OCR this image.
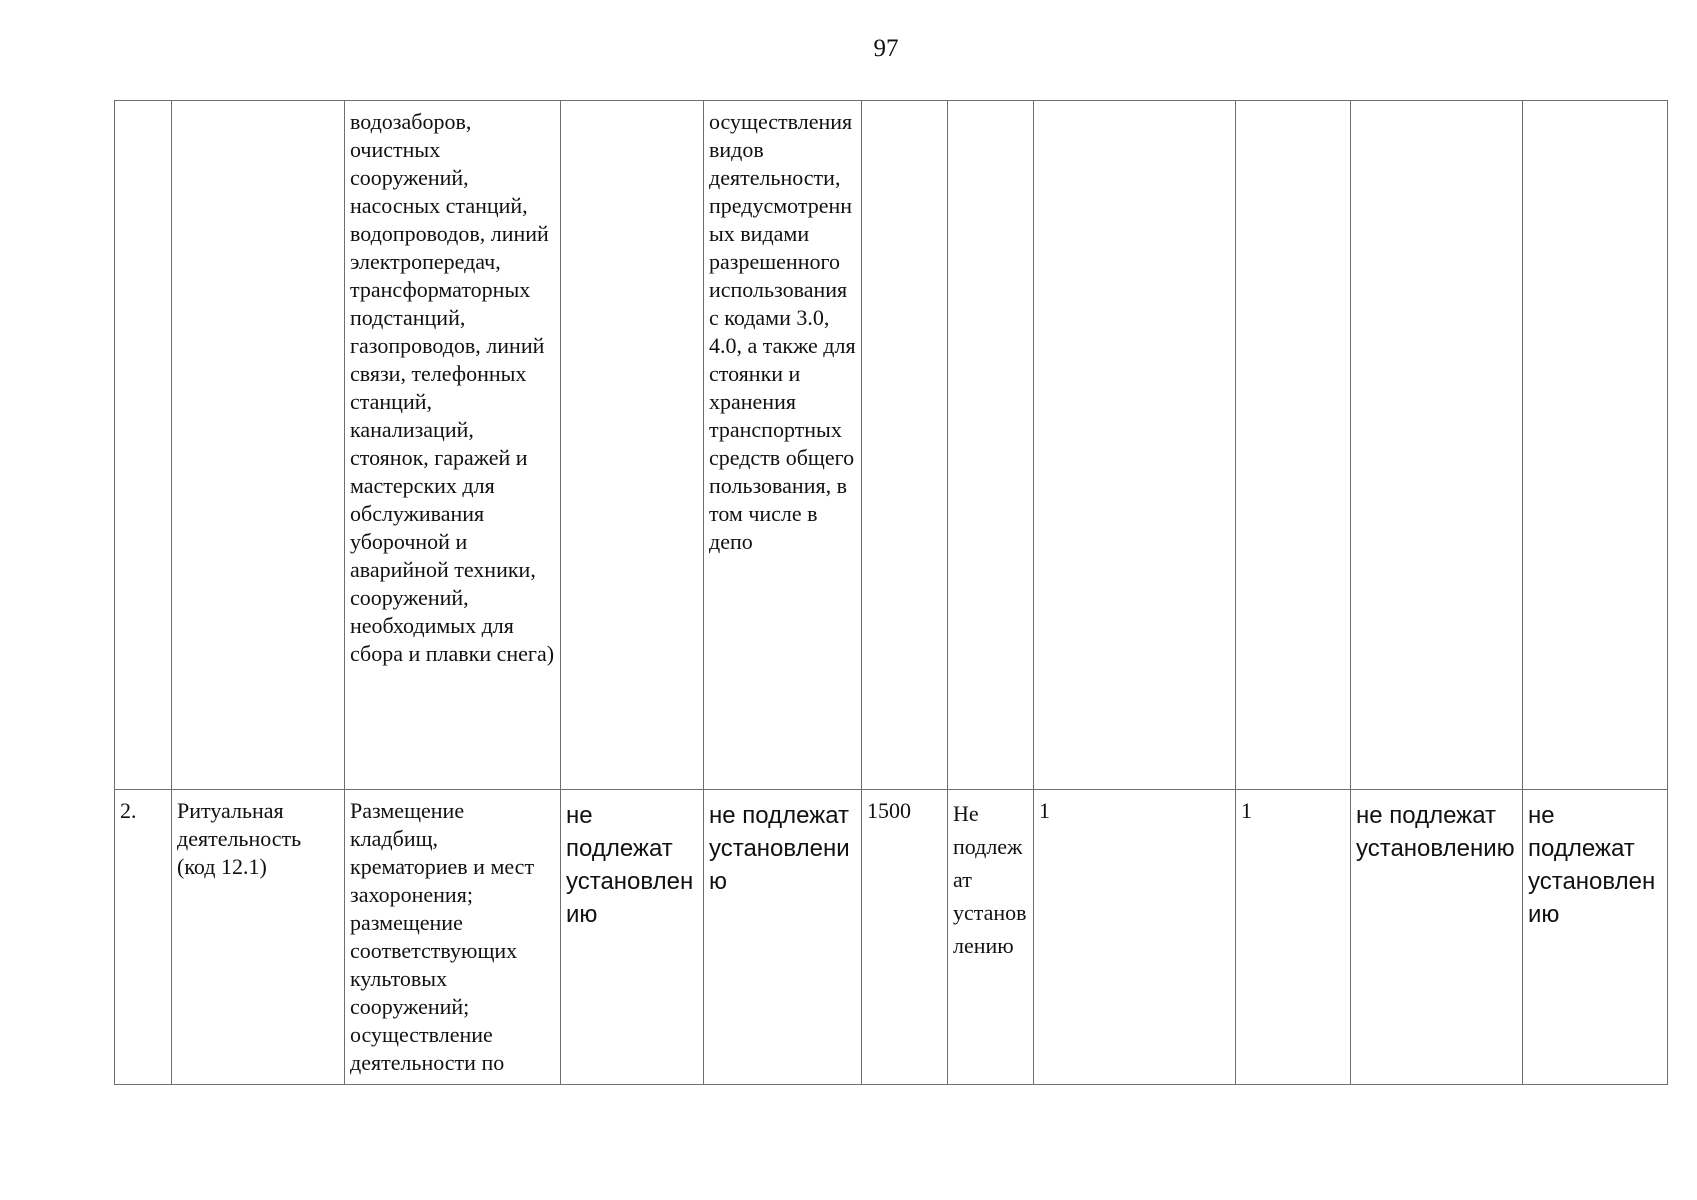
97
		водозаборов, очистных сооружений, насосных станций, водопроводов, линий электропередач, трансформаторных подстанций, газопроводов, линий связи, телефонных станций, канализаций, стоянок, гаражей и мастерских для обслуживания уборочной и аварийной техники, сооружений, необходимых для сбора и плавки снега)		осуществления видов деятельности, предусмотренных видами разрешенного использования с кодами 3.0, 4.0, а также для стоянки и хранения транспортных средств общего пользования, в том числе в депо						
2.	Ритуальная деятельность (код 12.1)	Размещение кладбищ, крематориев и мест захоронения; размещение соответствующих культовых сооружений; осуществление деятельности по	не подлежат установлению	не подлежат установлению	1500	Не подлежат установлению	1	1	не подлежат установлению	не подлежат установлению
